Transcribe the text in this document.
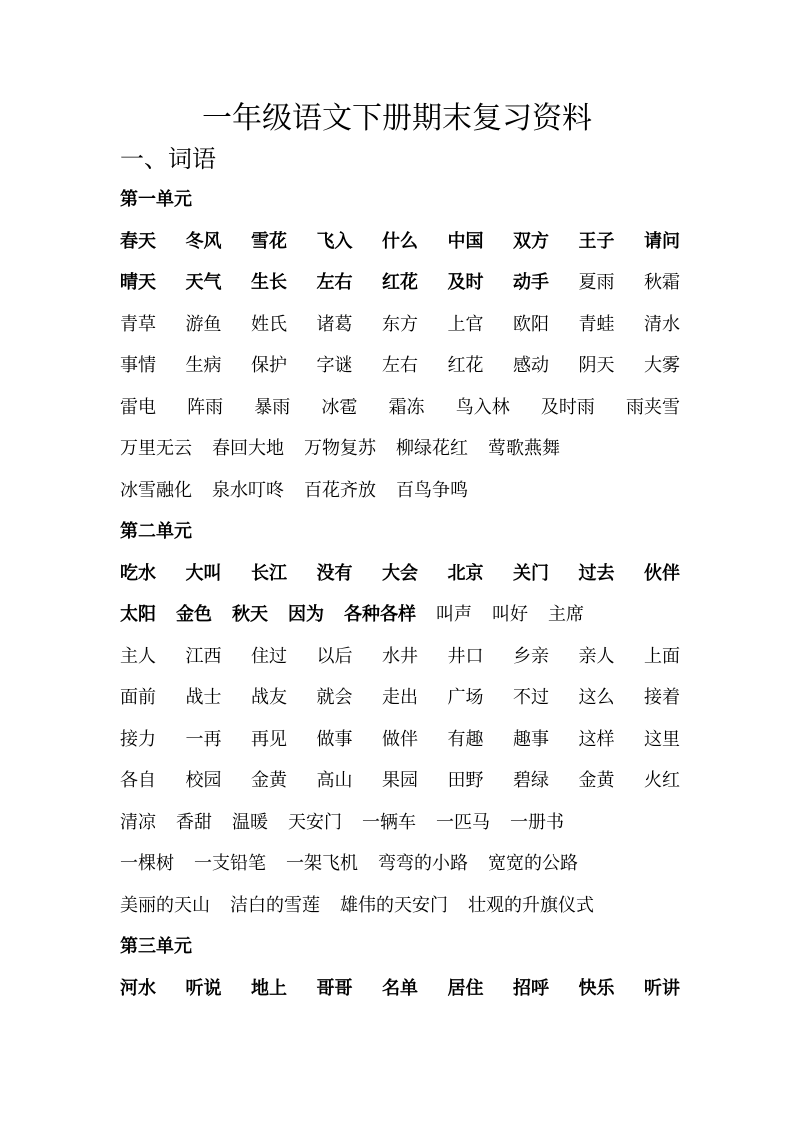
一年级语文下册期末复习资料
一、词语
第一单元
春天 冬风 雪花 飞入 什么 中国 双方 王子 请问
晴天 天气 生长 左右 红花 及时 动手 夏雨 秋霜
青草 游鱼 姓氏 诸葛 东方 上官 欧阳 青蛙 清水
事情 生病 保护 字谜 左右 红花 感动 阴天 大雾
雷电 阵雨 暴雨 冰雹 霜冻 鸟入林 及时雨 雨夹雪
万里无云 春回大地 万物复苏 柳绿花红 莺歌燕舞
冰雪融化 泉水叮咚 百花齐放 百鸟争鸣
第二单元
吃水 大叫 长江 没有 大会 北京 关门 过去 伙伴
太阳 金色 秋天 因为 各种各样 叫声 叫好 主席
主人 江西 住过 以后 水井 井口 乡亲 亲人 上面
面前 战士 战友 就会 走出 广场 不过 这么 接着
接力 一再 再见 做事 做伴 有趣 趣事 这样 这里
各自 校园 金黄 高山 果园 田野 碧绿 金黄 火红
清凉 香甜 温暖 天安门 一辆车 一匹马 一册书
一棵树 一支铅笔 一架飞机 弯弯的小路 宽宽的公路
美丽的天山 洁白的雪莲 雄伟的天安门 壮观的升旗仪式
第三单元
河水 听说 地上 哥哥 名单 居住 招呼 快乐 听讲
